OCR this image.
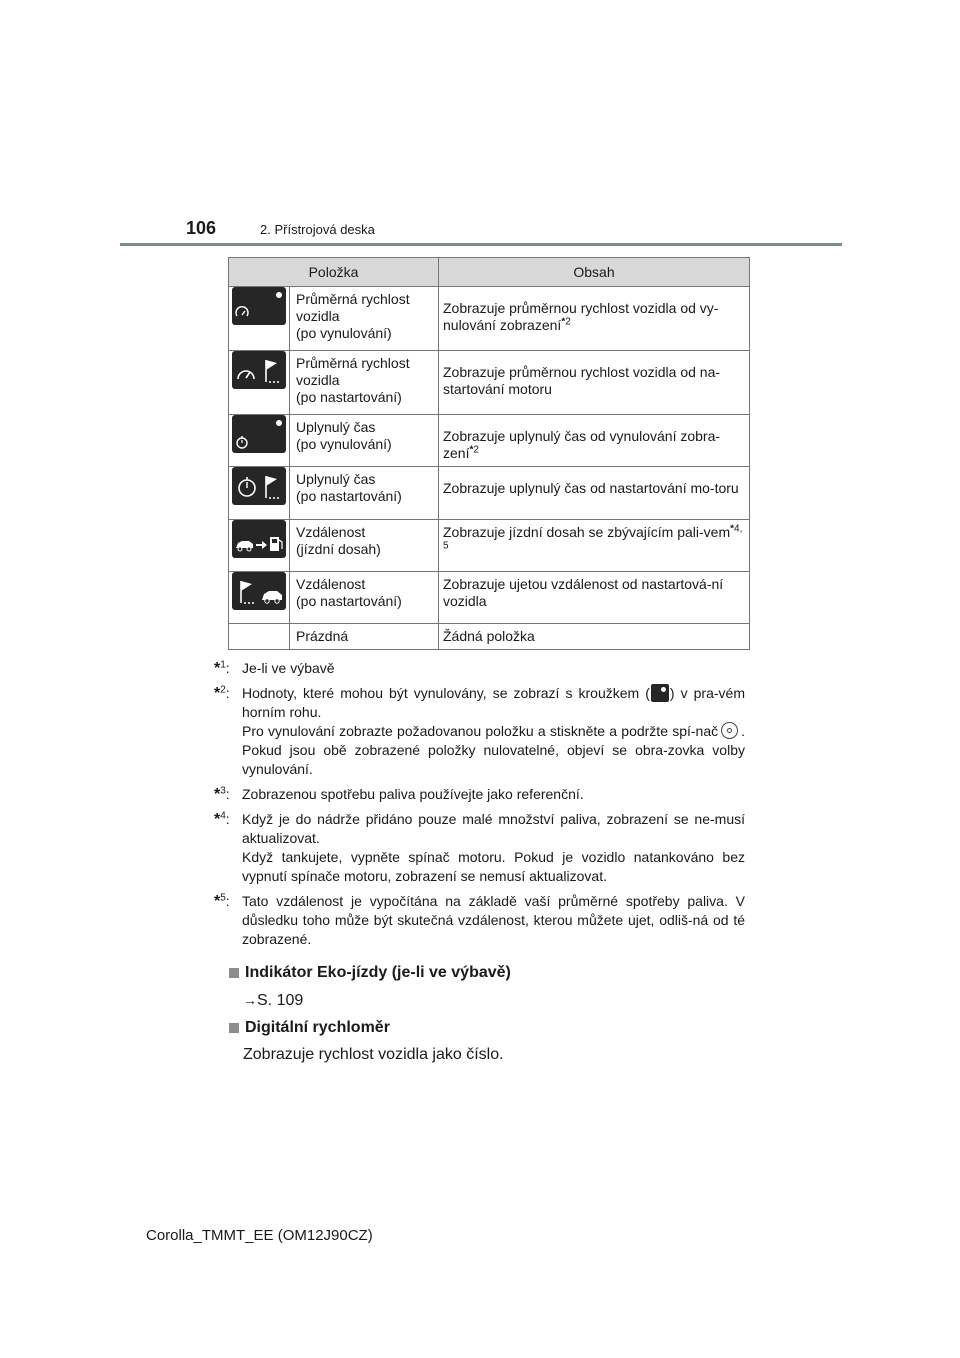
106	2. Přístrojová deska
Položka		Obsah

	Průměrná rychlost
vozidla
(po vynulování)	Zobrazuje průměrnou rychlost vozidla od vy-nulování zobrazení$^{*2}$

	Průměrná rychlost
vozidla
(po nastartování)	Zobrazuje průměrnou rychlost vozidla od na-startování motoru

	Uplynulý čas
(po vynulování)	Zobrazuje uplynulý čas od vynulování zobra-zení$^{*2}$

	Uplynulý čas
(po nastartování)	Zobrazuje uplynulý čas od nastartování mo-toru

	Vzdálenost
(jízdní dosah)	Zobrazuje jízdní dosah se zbývajícím pali-vem$^{*4, 5}$

	Vzdálenost
(po nastartování)	Zobrazuje ujetou vzdálenost od nastartová-ní vozidla
	Prázdná	Žádná položka
*$^1$: Je-li ve výbavě

*$^2$: Hodnoty, které mohou být vynulovány, se zobrazí s kroužkem ( ) v pra-vém horním rohu.

Pro vynulování zobrazte požadovanou položku a stiskněte a podržte spí-nač . Pokud jsou obě zobrazené položky nulovatelné, objeví se obra-zovka volby vynulování.

*$^3$: Zobrazenou spotřebu paliva používejte jako referenční.

*$^4$: Když je do nádrže přidáno pouze malé množství paliva, zobrazení se ne-musí aktualizovat.

Když tankujete, vypněte spínač motoru. Pokud je vozidlo natankováno bez vypnutí spínače motoru, zobrazení se nemusí aktualizovat.

*$^5$: Tato vzdálenost je vypočítána na základě vaší průměrné spotřeby paliva. V důsledku toho může být skutečná vzdálenost, kterou můžete ujet, odliš-ná od té zobrazené.

Indikátor Eko-jízdy (je-li ve výbavě)
→S. 109
Digitální rychloměr
Zobrazuje rychlost vozidla jako číslo.
Corolla_TMMT_EE (OM12J90CZ)
